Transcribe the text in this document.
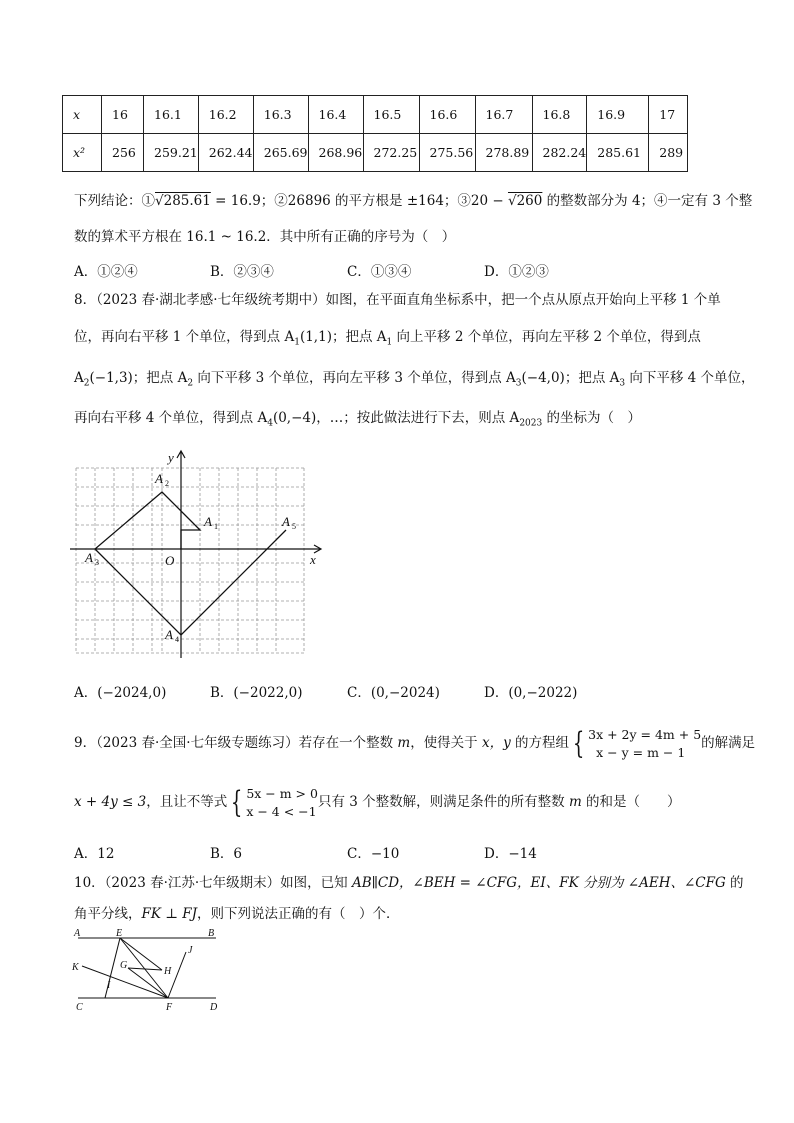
x	16	16.1	16.2	16.3	16.4	16.5	16.6	16.7	16.8	16.9	17
x²	256	259.21	262.44	265.69	268.96	272.25	275.56	278.89	282.24	285.61	289
下列结论：①√285.61 = 16.9；②26896 的平方根是 ±164；③20 − √260 的整数部分为 4；④一定有 3 个整
数的算术平方根在 16.1 ~ 16.2．其中所有正确的序号为（　）
A．①②④	B．②③④	C．①③④	D．①②③
8．（2023 春·湖北孝感·七年级统考期中）如图，在平面直角坐标系中，把一个点从原点开始向上平移 1 个单
位，再向右平移 1 个单位，得到点 $A_1(1,1)$；把点 $A_1$ 向上平移 2 个单位，再向左平移 2 个单位，得到点
$A_2(-1,3)$；把点 $A_2$ 向下平移 3 个单位，再向左平移 3 个单位，得到点 $A_3(-4,0)$；把点 $A_3$ 向下平移 4 个单位，
再向右平移 4 个单位，得到点 $A_4(0,-4)$，…；按此做法进行下去，则点 $A_{2023}$ 的坐标为（　）
y
x
O
A 1
A 2
A 3
A 4
A 5
A．(−2024,0)	B．(−2022,0)	C．(0,−2024)	D．(0,−2022)
9．（2023 春·全国·七年级专题练习）若存在一个整数 m，使得关于 x，y 的方程组 { 3x + 2y = 4m + 5
x − y = m − 1
的解满足
x + 4y ≤ 3，且让不等式 { 5x − m > 0
x − 4 < −1
只有 3 个整数解，则满足条件的所有整数 m 的和是（　　）
A．12	B．6	C．−10	D．−14
10．（2023 春·江苏·七年级期末）如图，已知 AB∥CD，∠BEH = ∠CFG，EI、FK 分别为 ∠AEH、∠CFG 的
角平分线，FK ⊥ FJ，则下列说法正确的有（　）个．
A	E	B
K	G
H
J
I
C	F	D
